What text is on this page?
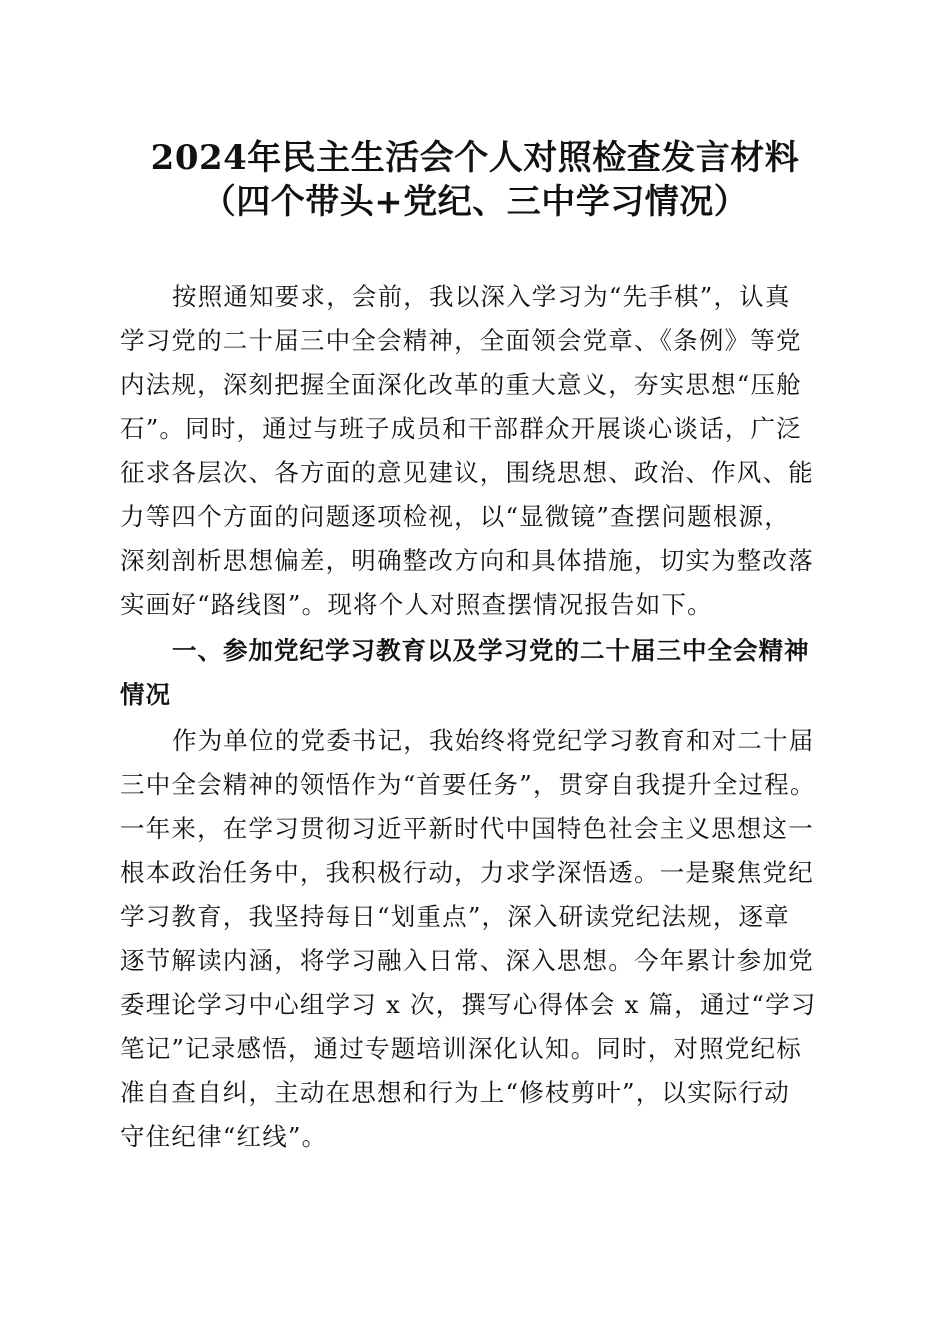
2024年民主生活会个人对照检查发言材料
（四个带头+党纪、三中学习情况）
按照通知要求，会前，我以深入学习为“先手棋”，认真
学习党的二十届三中全会精神，全面领会党章、《条例》等党
内法规，深刻把握全面深化改革的重大意义，夯实思想“压舱
石”。同时，通过与班子成员和干部群众开展谈心谈话，广泛
征求各层次、各方面的意见建议，围绕思想、政治、作风、能
力等四个方面的问题逐项检视，以“显微镜”查摆问题根源，
深刻剖析思想偏差，明确整改方向和具体措施，切实为整改落
实画好“路线图”。现将个人对照查摆情况报告如下。
一、参加党纪学习教育以及学习党的二十届三中全会精神
情况
作为单位的党委书记，我始终将党纪学习教育和对二十届
三中全会精神的领悟作为“首要任务”，贯穿自我提升全过程。
一年来，在学习贯彻习近平新时代中国特色社会主义思想这一
根本政治任务中，我积极行动，力求学深悟透。一是聚焦党纪
学习教育，我坚持每日“划重点”，深入研读党纪法规，逐章
逐节解读内涵，将学习融入日常、深入思想。今年累计参加党
委理论学习中心组学习 x 次，撰写心得体会 x 篇，通过“学习
笔记”记录感悟，通过专题培训深化认知。同时，对照党纪标
准自查自纠，主动在思想和行为上“修枝剪叶”，以实际行动
守住纪律“红线”。
